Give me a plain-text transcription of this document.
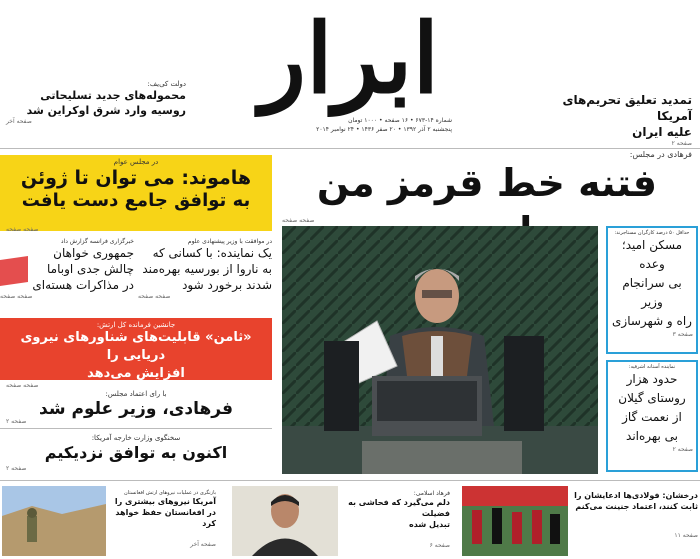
ابرار
شماره ۱۴-۶۷۳ • ۱۶ صفحه • ۱۰۰۰ تومان
پنجشنبه ۲ آذر ۱۳۹۲ • ۲۰ صفر ۱۴۳۶ • ۲۴ نوامبر ۲۰۱۴
تمدید تعلیق تحریم‌های آمریکا
علیه ایران
صفحه ۲
دولت کی‌یف:
محموله‌های جدید تسلیحاتی
روسیه وارد شرق اوکراین شد
صفحه آخر
فرهادی در مجلس:
فتنه خط قرمز من
صفحه صفحه
در مجلس عوام
هاموند: می توان تا ژوئن
به توافق جامع دست یافت
صفحه صفحه
در موافقت با وزیر پیشنهادی علوم
یک نماینده: با کسانی که
به ناروا از بورسیه بهره‌مند
شدند برخورد شود
صفحه صفحه
خبرگزاری فرانسه گزارش داد
جمهوری خواهان
چالش جدی اوباما
در مذاکرات هسته‌ای
صفحه صفحه
جانشین فرمانده کل ارتش:
«ثامن» قابلیت‌های شناورهای نیروی دریایی را
افزایش می‌دهد
صفحه صفحه
با رای اعتماد مجلس:
فرهادی، وزیر علوم شد
صفحه ۲
سخنگوی وزارت خارجه آمریکا:
اکنون به توافق نزدیکیم
صفحه ۲
حداقل ۵۰ درصد کارگران مستاجرند:
مسکن امید؛
وعده
بی سرانجام
وزیر
راه و شهرسازی
صفحه ۳
نماینده آستانه اشرفیه:
حدود هزار
روستای گیلان
از نعمت گاز
بی بهره‌اند
صفحه ۲
بازنگری در عملیات نیروهای ارتش افغانستان
آمریکا نیروهای بیشتری را
در افغانستان حفظ خواهد کرد
صفحه آخر
فرهاد اسلامی:
دلم می‌گیرد که فحاشی به فضیلت
تبدیل شده
صفحه ۶
درخشان: فولادی‌ها ادعایشان را
ثابت کنند، اعتماد جنینت می‌کنم
صفحه ۱۱
